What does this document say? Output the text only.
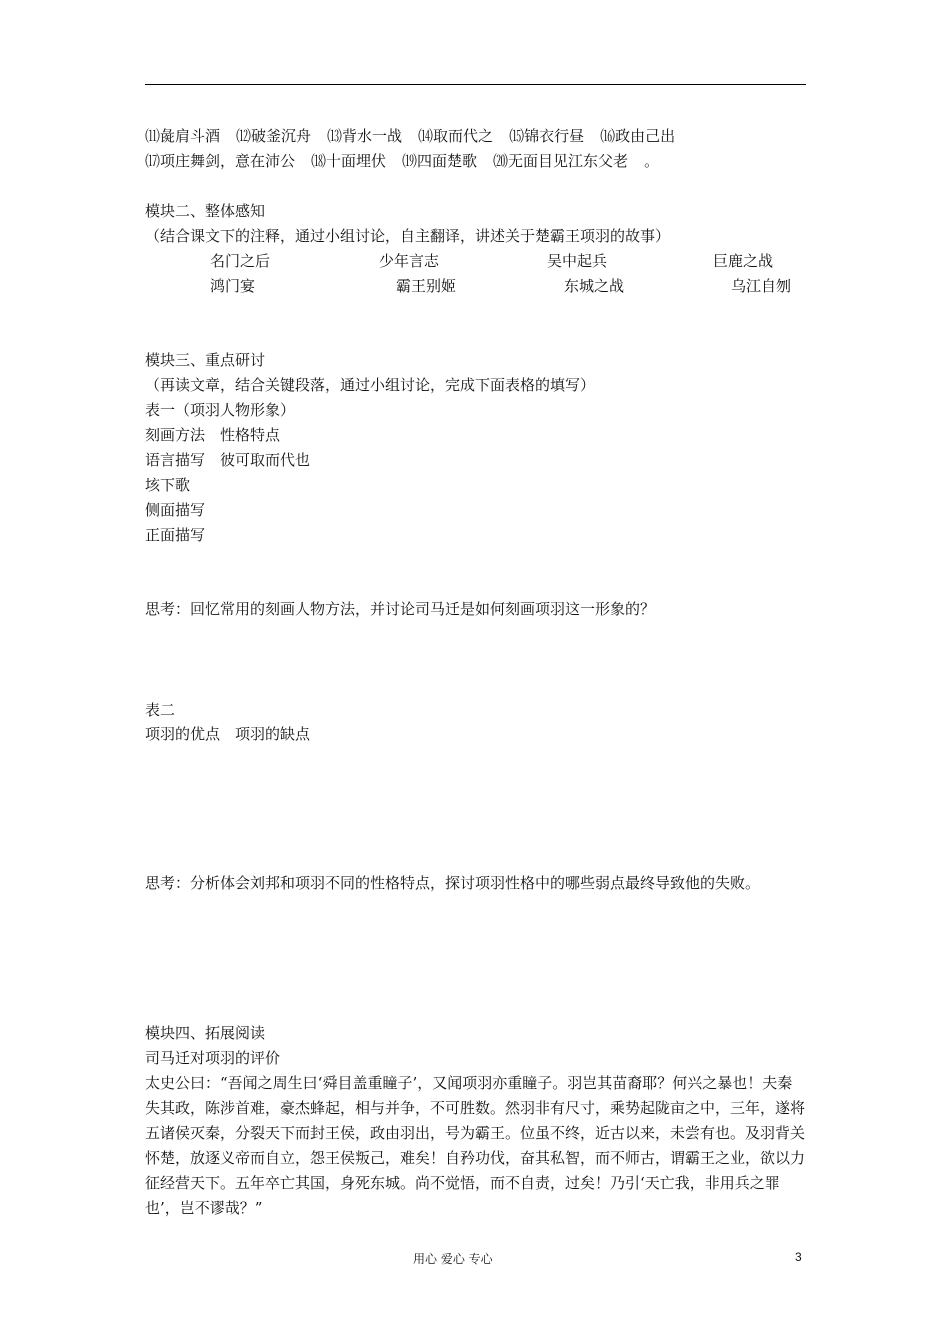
⑾彘肩斗酒 ⑿破釜沉舟 ⒀背水一战 ⒁取而代之 ⒂锦衣行昼 ⒃政由己出
⒄项庄舞剑，意在沛公 ⒅十面埋伏 ⒆四面楚歌 ⒇无面目见江东父老 。
模块二、整体感知
（结合课文下的注释，通过小组讨论，自主翻译，讲述关于楚霸王项羽的故事）
名门之后	少年言志	吴中起兵	巨鹿之战
鸿门宴	霸王别姬	东城之战	乌江自刎
模块三、重点研讨
（再读文章，结合关键段落，通过小组讨论，完成下面表格的填写）
表一（项羽人物形象）
刻画方法　性格特点
语言描写　彼可取而代也
垓下歌
侧面描写
正面描写
思考：回忆常用的刻画人物方法，并讨论司马迁是如何刻画项羽这一形象的？
表二
项羽的优点　项羽的缺点

思考：分析体会刘邦和项羽不同的性格特点，探讨项羽性格中的哪些弱点最终导致他的失败。

模块四、拓展阅读
司马迁对项羽的评价

太史公曰：“吾闻之周生曰‘舜目盖重瞳子’，又闻项羽亦重瞳子。羽岂其苗裔耶？何兴之暴也！夫秦失其政，陈涉首难，豪杰蜂起，相与并争，不可胜数。然羽非有尺寸，乘势起陇亩之中，三年，遂将五诸侯灭秦，分裂天下而封王侯，政由羽出，号为霸王。位虽不终，近古以来，未尝有也。及羽背关怀楚，放逐义帝而自立，怨王侯叛己，难矣！自矜功伐，奋其私智，而不师古，谓霸王之业，欲以力征经营天下。五年卒亡其国，身死东城。尚不觉悟，而不自责，过矣！乃引‘天亡我，非用兵之罪也’，岂不谬哉？”

用心 爱心 专心	3
